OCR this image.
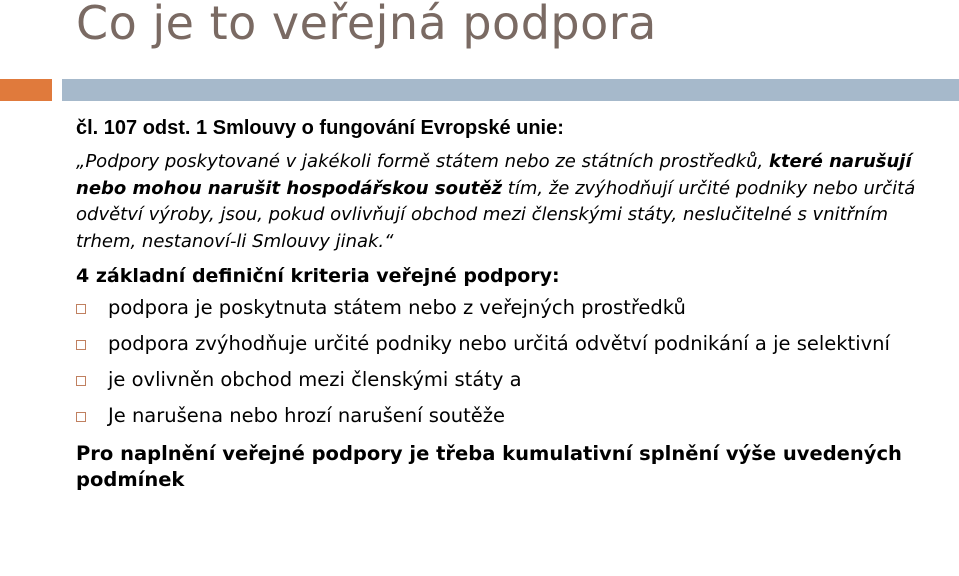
Co je to veřejná podpora

čl. 107 odst. 1 Smlouvy o fungování Evropské unie:

„Podpory poskytované v jakékoli formě státem nebo ze státních prostředků, které narušují nebo mohou narušit hospodářskou soutěž tím, že zvýhodňují určité podniky nebo určitá odvětví výroby, jsou, pokud ovlivňují obchod mezi členskými státy, neslučitelné s vnitřním trhem, nestanoví-li Smlouvy jinak.“

4 základní definiční kriteria veřejné podpory:

podpora je poskytnuta státem nebo z veřejných prostředků
podpora zvýhodňuje určité podniky nebo určitá odvětví podnikání a je selektivní
je ovlivněn obchod mezi členskými státy a
Je narušena nebo hrozí narušení soutěže

Pro naplnění veřejné podpory je třeba kumulativní splnění výše uvedených podmínek
